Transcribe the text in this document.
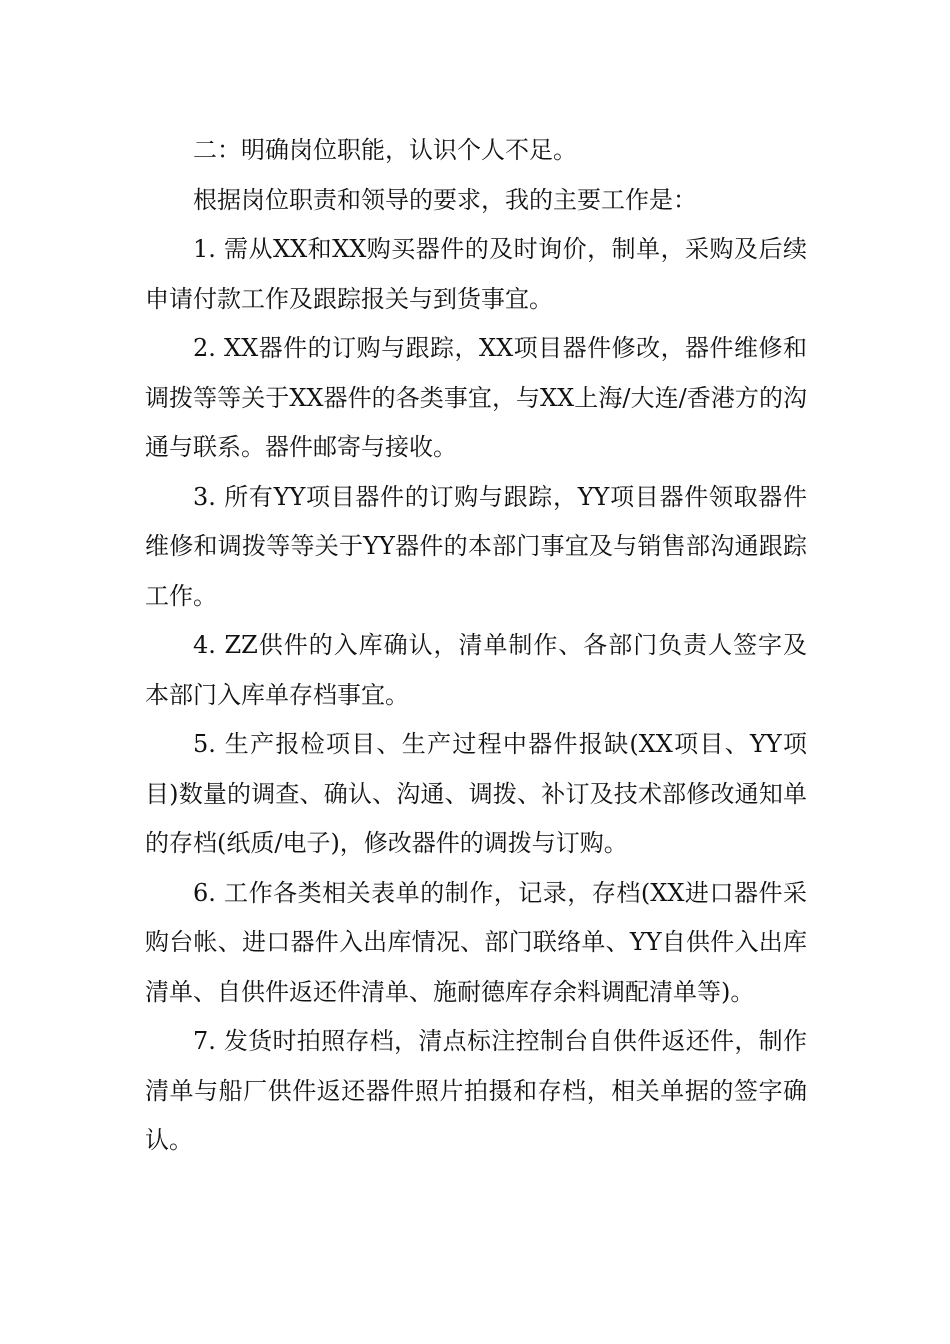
二：明确岗位职能，认识个人不足。

根据岗位职责和领导的要求，我的主要工作是：

1. 需从XX和XX购买器件的及时询价，制单，采购及后续申请付款工作及跟踪报关与到货事宜。

2. XX器件的订购与跟踪，XX项目器件修改，器件维修和调拨等等关于XX器件的各类事宜，与XX上海/大连/香港方的沟通与联系。器件邮寄与接收。

3. 所有YY项目器件的订购与跟踪，YY项目器件领取器件维修和调拨等等关于YY器件的本部门事宜及与销售部沟通跟踪工作。

4. ZZ供件的入库确认，清单制作、各部门负责人签字及本部门入库单存档事宜。

5. 生产报检项目、生产过程中器件报缺(XX项目、YY项目)数量的调查、确认、沟通、调拨、补订及技术部修改通知单的存档(纸质/电子)，修改器件的调拨与订购。

6. 工作各类相关表单的制作，记录，存档(XX进口器件采购台帐、进口器件入出库情况、部门联络单、YY自供件入出库清单、自供件返还件清单、施耐德库存余料调配清单等)。

7. 发货时拍照存档，清点标注控制台自供件返还件，制作清单与船厂供件返还器件照片拍摄和存档，相关单据的签字确认。
